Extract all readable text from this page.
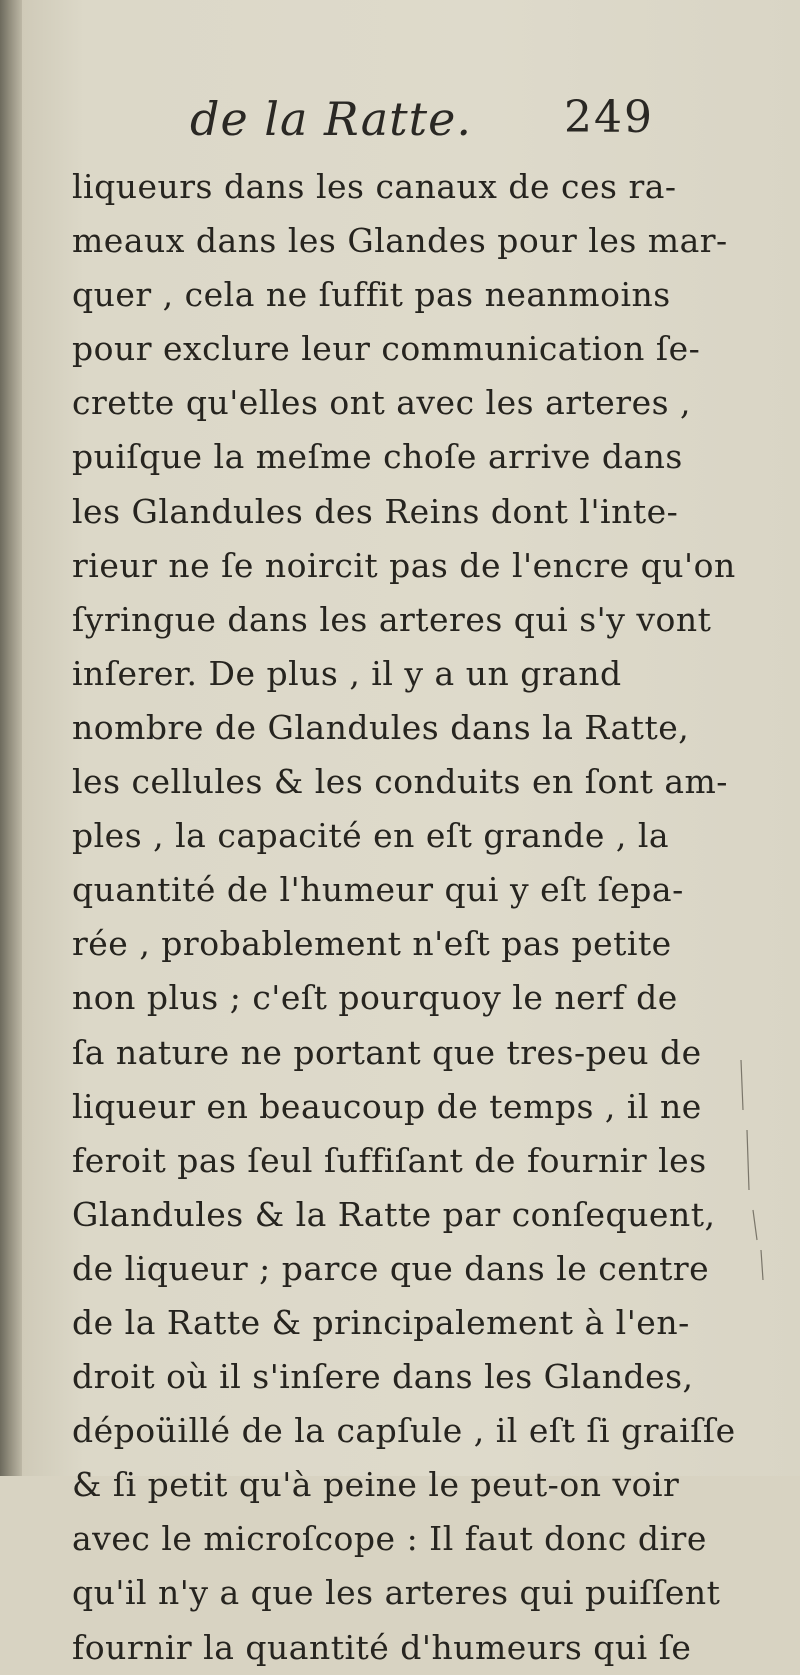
de la Ratte. 249
liqueurs dans les canaux de ces ra-
meaux dans les Glandes pour les mar-
quer , cela ne ſuffit pas neanmoins
pour exclure leur communication ſe-
crette qu'elles ont avec les arteres ,
puiſque la meſme choſe arrive dans
les Glandules des Reins dont l'inte-
rieur ne ſe noircit pas de l'encre qu'on
ſyringue dans les arteres qui s'y vont
inſerer. De plus , il y a un grand
nombre de Glandules dans la Ratte,
les cellules & les conduits en ſont am-
ples , la capacité en eſt grande , la
quantité de l'humeur qui y eſt ſepa-
rée , probablement n'eſt pas petite
non plus ; c'eſt pourquoy le nerf de
ſa nature ne portant que tres-peu de
liqueur en beaucoup de temps , il ne
feroit pas ſeul ſuffiſant de fournir les
Glandules & la Ratte par conſequent,
de liqueur ; parce que dans le centre
de la Ratte & principalement à l'en-
droit où il s'inſere dans les Glandes,
dépoüillé de la capſule , il eſt ſi graiſſe
& ſi petit qu'à peine le peut-on voir
avec le microſcope : Il faut donc dire
qu'il n'y a que les arteres qui puiſſent
fournir la quantité d'humeurs qui ſe
